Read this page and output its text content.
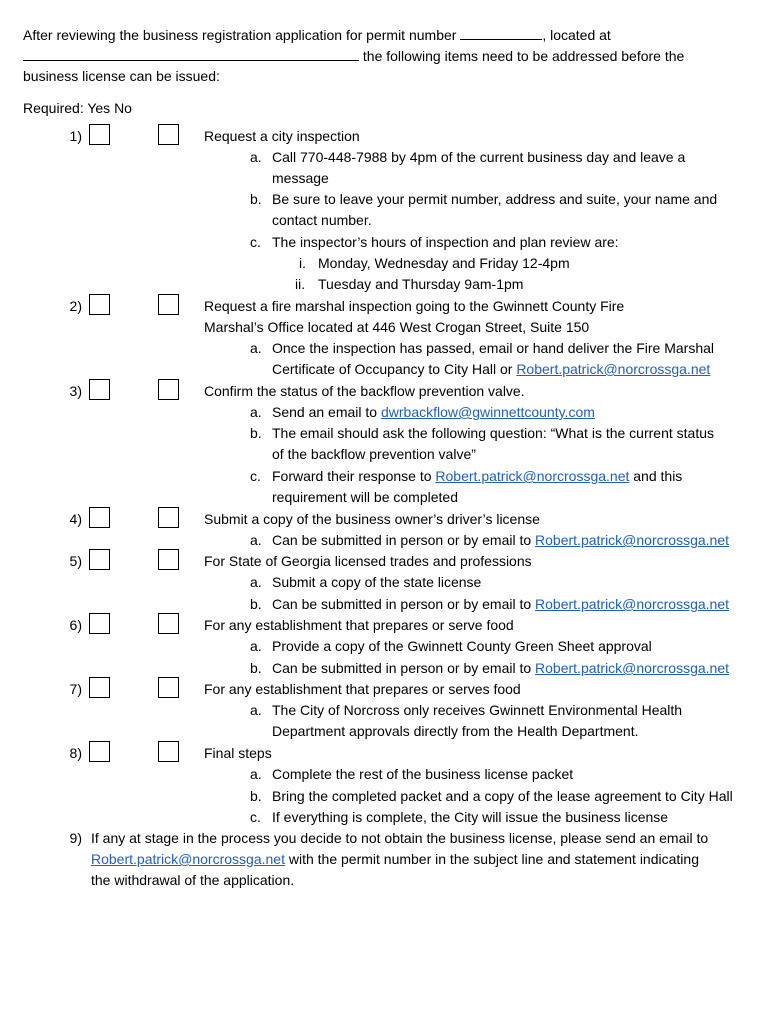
After reviewing the business registration application for permit number	, located at
the following items need to be addressed before the
business license can be issued:
Required: Yes No
1)	Request a city inspection
a. Call 770-448-7988 by 4pm of the current business day and leave a
message
b. Be sure to leave your permit number, address and suite, your name and
contact number.
c. The inspector’s hours of inspection and plan review are:
i. Monday, Wednesday and Friday 12-4pm
ii. Tuesday and Thursday 9am-1pm
2)	Request a fire marshal inspection going to the Gwinnett County Fire
Marshal’s Office located at 446 West Crogan Street, Suite 150
a. Once the inspection has passed, email or hand deliver the Fire Marshal
Certificate of Occupancy to City Hall or Robert.patrick@norcrossga.net
3)	Confirm the status of the backflow prevention valve.
a. Send an email to dwrbackflow@gwinnettcounty.com
b. The email should ask the following question: “What is the current status
of the backflow prevention valve”
c. Forward their response to Robert.patrick@norcrossga.net and this
requirement will be completed
4)	Submit a copy of the business owner’s driver’s license
a. Can be submitted in person or by email to Robert.patrick@norcrossga.net
5)	For State of Georgia licensed trades and professions
a. Submit a copy of the state license
b. Can be submitted in person or by email to Robert.patrick@norcrossga.net
6)	For any establishment that prepares or serve food
a. Provide a copy of the Gwinnett County Green Sheet approval
b. Can be submitted in person or by email to Robert.patrick@norcrossga.net
7)	For any establishment that prepares or serves food
a. The City of Norcross only receives Gwinnett Environmental Health
Department approvals directly from the Health Department.
8)	Final steps
a. Complete the rest of the business license packet
b. Bring the completed packet and a copy of the lease agreement to City Hall
c. If everything is complete, the City will issue the business license
9) If any at stage in the process you decide to not obtain the business license, please send an email to
Robert.patrick@norcrossga.net with the permit number in the subject line and statement indicating
the withdrawal of the application.
